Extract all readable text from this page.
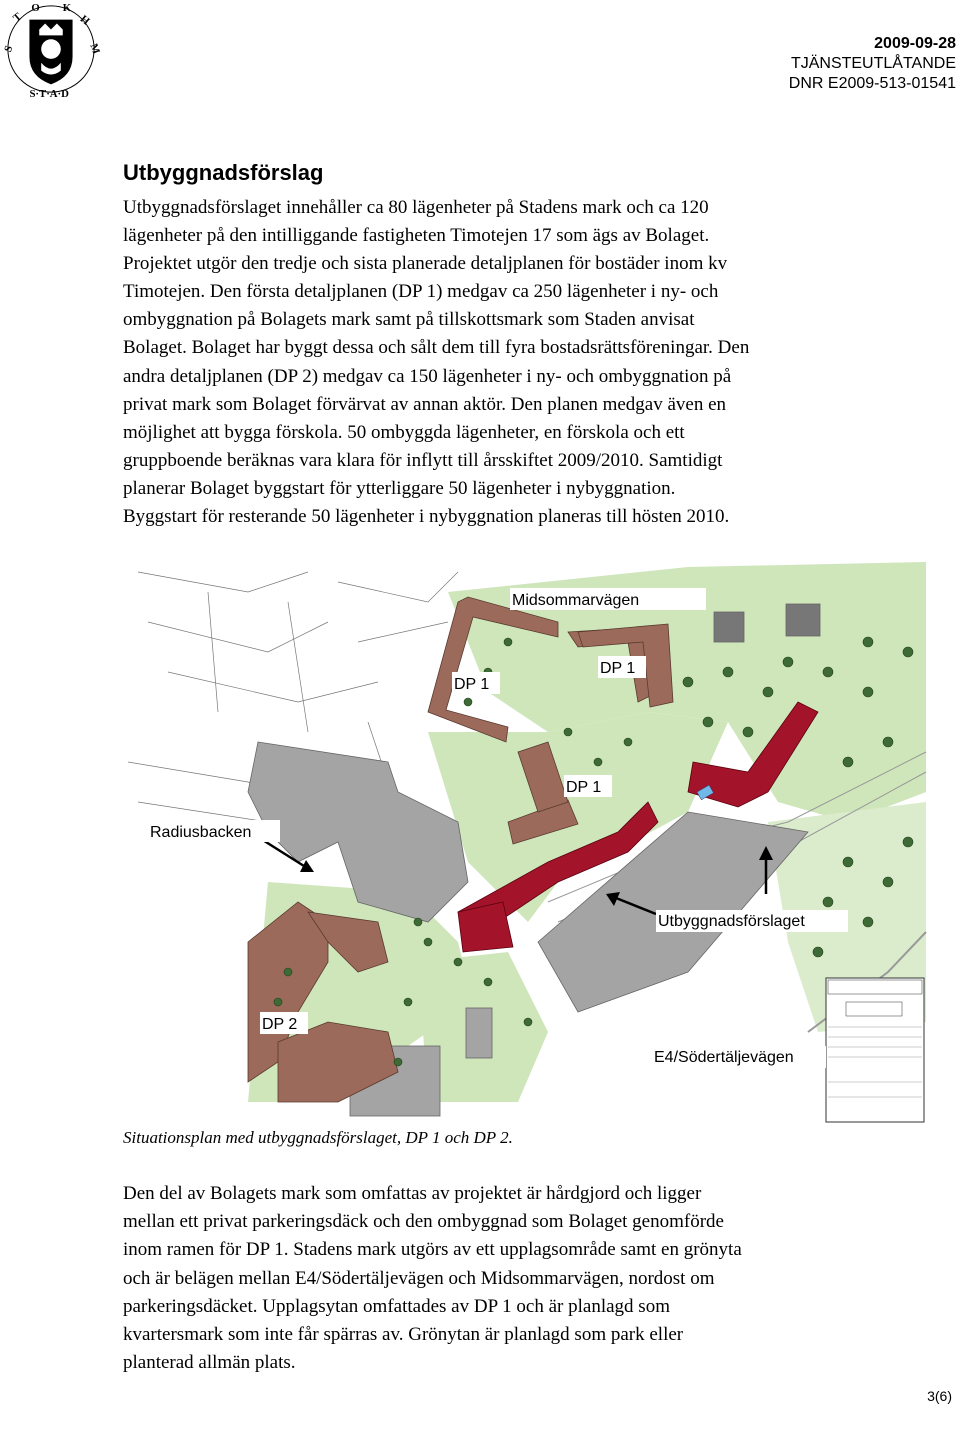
S
T
O K
H
M
S·T·A·D
2009-09-28
TJÄNSTEUTLÅTANDE
DNR E2009-513-01541
Utbyggnadsförslag

Utbyggnadsförslaget innehåller ca 80 lägenheter på Stadens mark och ca 120
lägenheter på den intilliggande fastigheten Timotejen 17 som ägs av Bolaget.
Projektet utgör den tredje och sista planerade detaljplanen för bostäder inom kv
Timotejen. Den första detaljplanen (DP 1) medgav ca 250 lägenheter i ny- och
ombyggnation på Bolagets mark samt på tillskottsmark som Staden anvisat
Bolaget. Bolaget har byggt dessa och sålt dem till fyra bostadsrättsföreningar. Den
andra detaljplanen (DP 2) medgav ca 150 lägenheter i ny- och ombyggnation på
privat mark som Bolaget förvärvat av annan aktör. Den planen medgav även en
möjlighet att bygga förskola. 50 ombyggda lägenheter, en förskola och ett
gruppboende beräknas vara klara för inflytt till årsskiftet 2009/2010. Samtidigt
planerar Bolaget byggstart för ytterliggare 50 lägenheter i nybyggnation.
Byggstart för resterande 50 lägenheter i nybyggnation planeras till hösten 2010.

Midsommarvägen
DP 1
DP 1
DP 1
Radiusbacken
Utbyggnadsförslaget
DP 2
E4/Södertäljevägen

Situationsplan med utbyggnadsförslaget, DP 1 och DP 2.

Den del av Bolagets mark som omfattas av projektet är hårdgjord och ligger
mellan ett privat parkeringsdäck och den ombyggnad som Bolaget genomförde
inom ramen för DP 1. Stadens mark utgörs av ett upplagsområde samt en grönyta
och är belägen mellan E4/Södertäljevägen och Midsommarvägen, nordost om
parkeringsdäcket. Upplagsytan omfattades av DP 1 och är planlagd som
kvartersmark som inte får spärras av. Grönytan är planlagd som park eller
planterad allmän plats.

3(6)
